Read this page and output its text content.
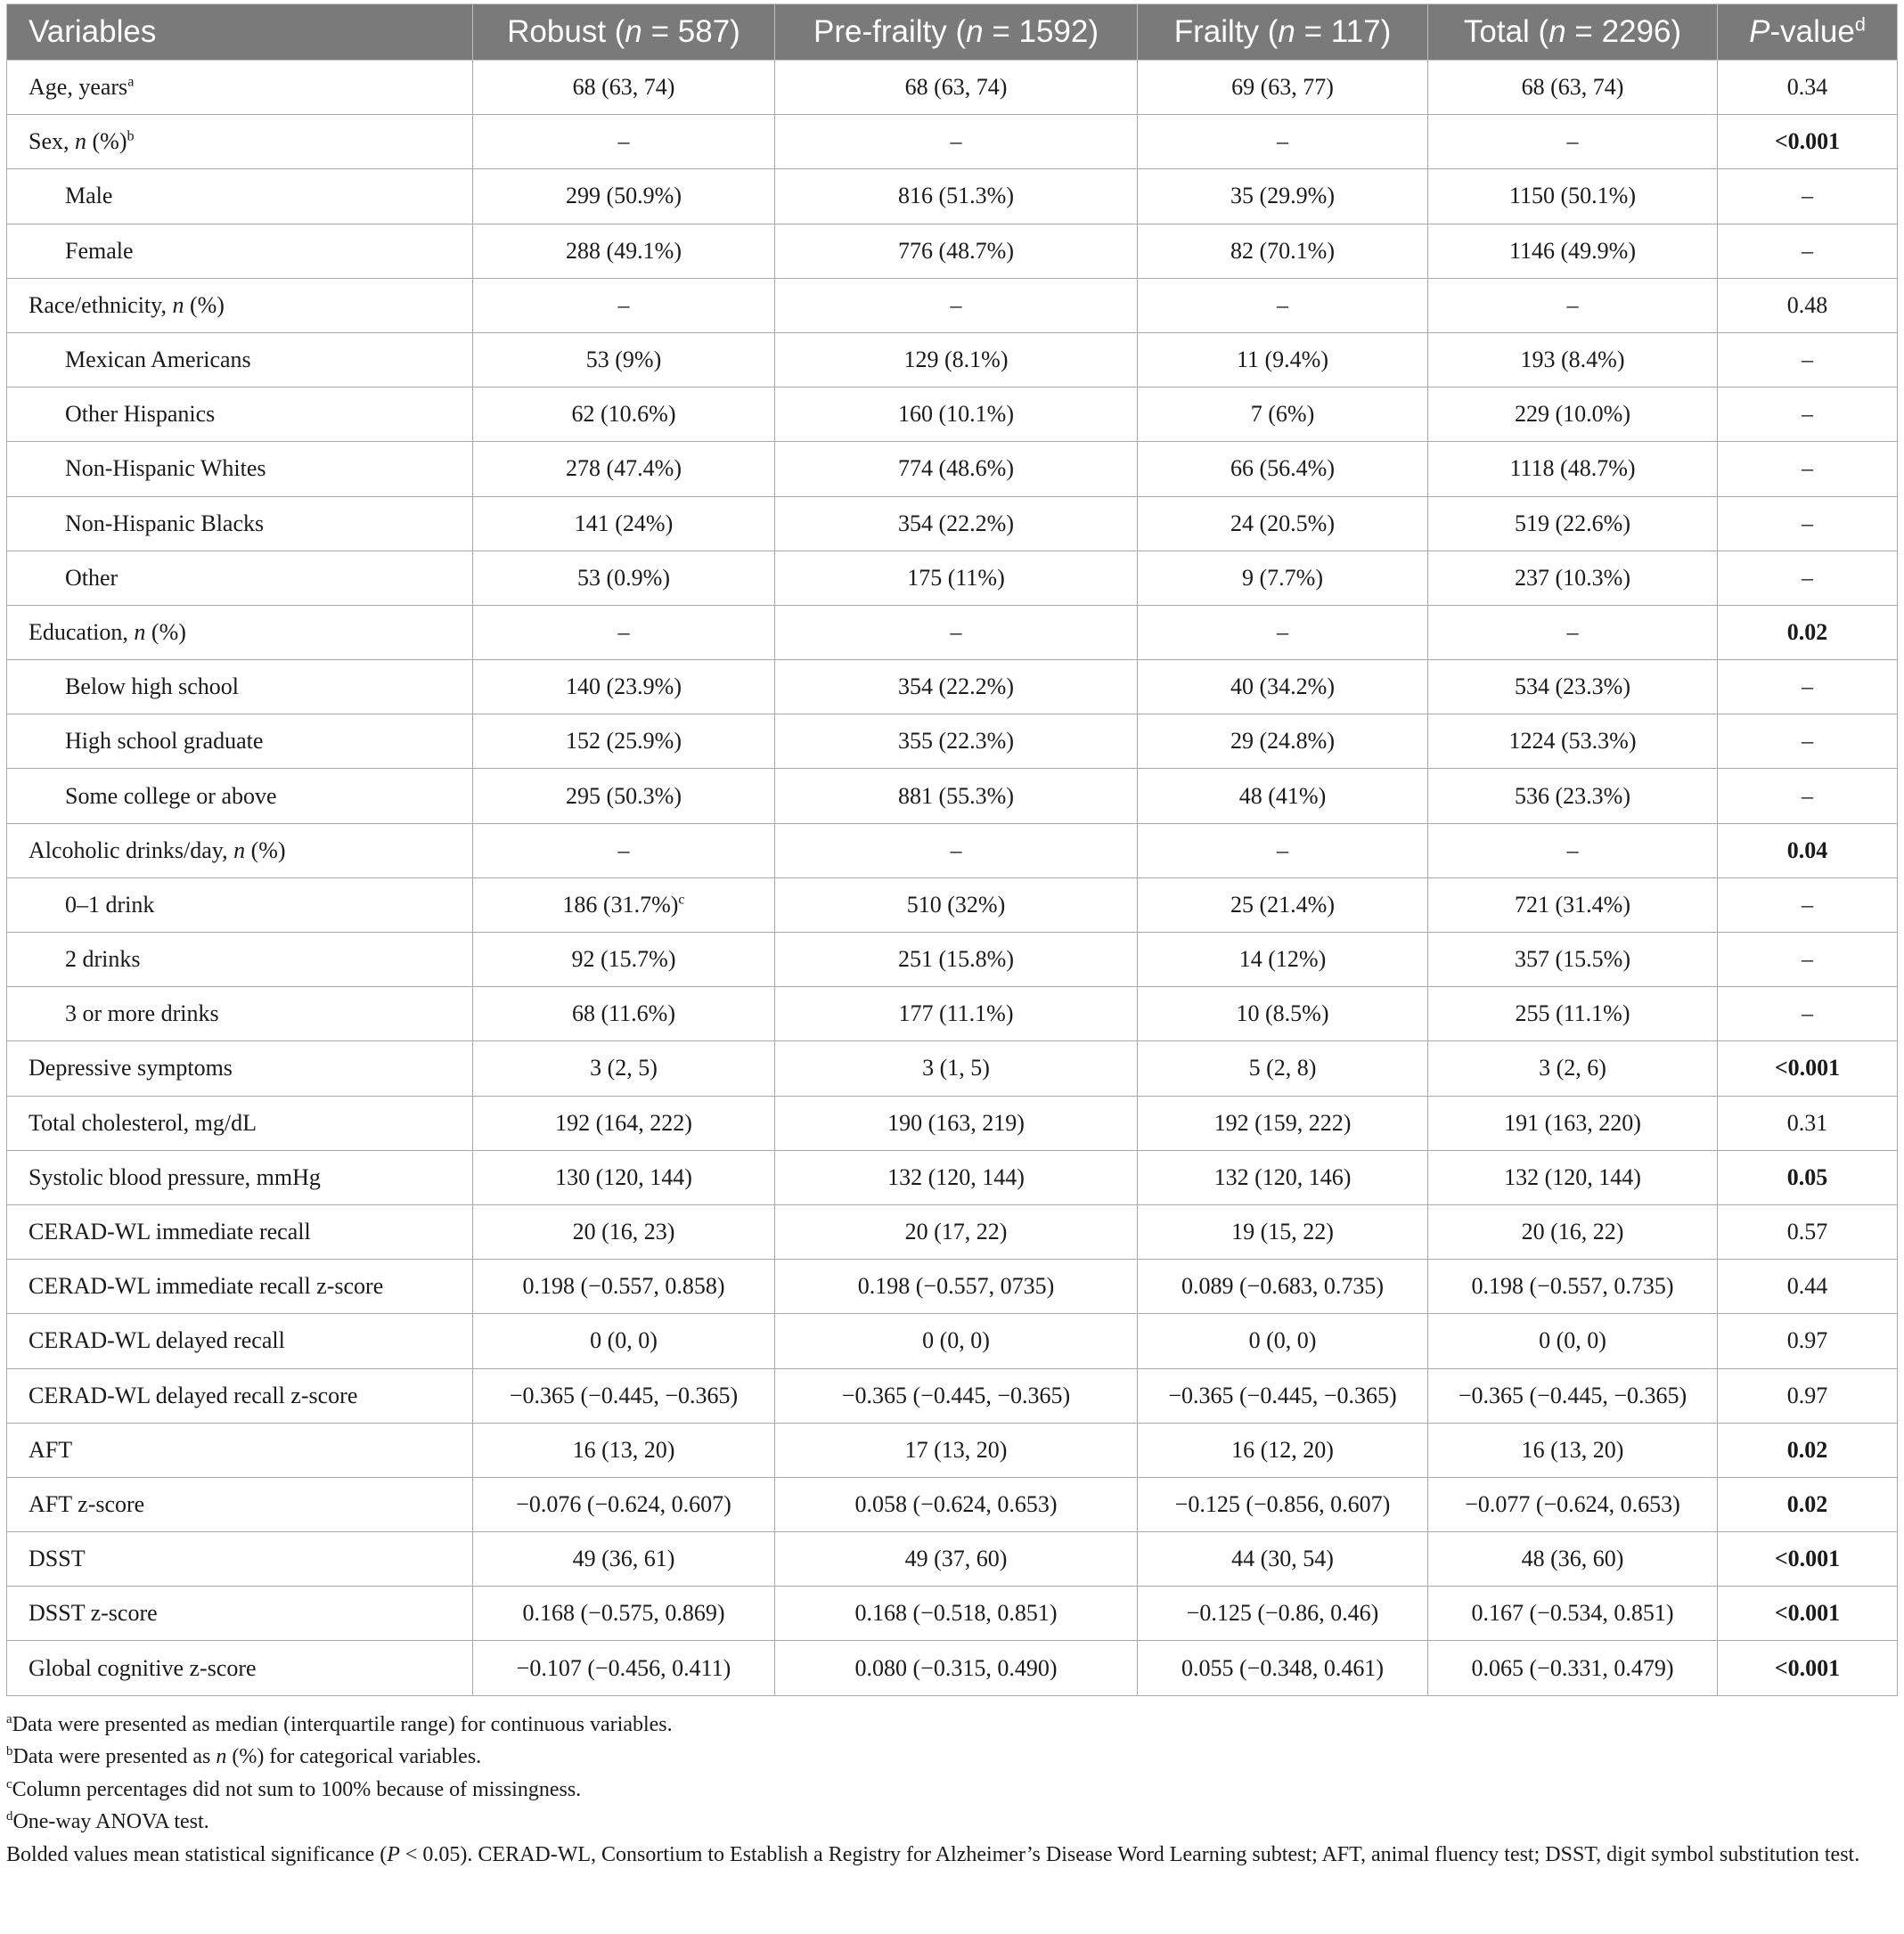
Variables	Robust (n = 587)	Pre-frailty (n = 1592)	Frailty (n = 117)	Total (n = 2296)	P-value$^d$
Age, years$^a$	68 (63, 74)	68 (63, 74)	69 (63, 77)	68 (63, 74)	0.34
Sex, n (%)$^b$	–	–	–	–	<0.001
Male	299 (50.9%)	816 (51.3%)	35 (29.9%)	1150 (50.1%)	–
Female	288 (49.1%)	776 (48.7%)	82 (70.1%)	1146 (49.9%)	–
Race/ethnicity, n (%)	–	–	–	–	0.48
Mexican Americans	53 (9%)	129 (8.1%)	11 (9.4%)	193 (8.4%)	–
Other Hispanics	62 (10.6%)	160 (10.1%)	7 (6%)	229 (10.0%)	–
Non-Hispanic Whites	278 (47.4%)	774 (48.6%)	66 (56.4%)	1118 (48.7%)	–
Non-Hispanic Blacks	141 (24%)	354 (22.2%)	24 (20.5%)	519 (22.6%)	–
Other	53 (0.9%)	175 (11%)	9 (7.7%)	237 (10.3%)	–
Education, n (%)	–	–	–	–	0.02
Below high school	140 (23.9%)	354 (22.2%)	40 (34.2%)	534 (23.3%)	–
High school graduate	152 (25.9%)	355 (22.3%)	29 (24.8%)	1224 (53.3%)	–
Some college or above	295 (50.3%)	881 (55.3%)	48 (41%)	536 (23.3%)	–
Alcoholic drinks/day, n (%)	–	–	–	–	0.04
0–1 drink	186 $(31.7\%)^c$	510 (32%)	25 (21.4%)	721 (31.4%)	–
2 drinks	92 (15.7%)	251 (15.8%)	14 (12%)	357 (15.5%)	–
3 or more drinks	68 (11.6%)	177 (11.1%)	10 (8.5%)	255 (11.1%)	–
Depressive symptoms	3 (2, 5)	3 (1, 5)	5 (2, 8)	3 (2, 6)	<0.001
Total cholesterol, mg/dL	192 (164, 222)	190 (163, 219)	192 (159, 222)	191 (163, 220)	0.31
Systolic blood pressure, mmHg	130 (120, 144)	132 (120, 144)	132 (120, 146)	132 (120, 144)	0.05
CERAD-WL immediate recall	20 (16, 23)	20 (17, 22)	19 (15, 22)	20 (16, 22)	0.57
CERAD-WL immediate recall z-score	0.198 (−0.557, 0.858)	0.198 (−0.557, 0735)	0.089 (−0.683, 0.735)	0.198 (−0.557, 0.735)	0.44
CERAD-WL delayed recall	0 (0, 0)	0 (0, 0)	0 (0, 0)	0 (0, 0)	0.97
CERAD-WL delayed recall z-score	−0.365 (−0.445, −0.365)	−0.365 (−0.445, −0.365)	−0.365 (−0.445, −0.365)	−0.365 (−0.445, −0.365)	0.97
AFT	16 (13, 20)	17 (13, 20)	16 (12, 20)	16 (13, 20)	0.02
AFT z-score	−0.076 (−0.624, 0.607)	0.058 (−0.624, 0.653)	−0.125 (−0.856, 0.607)	−0.077 (−0.624, 0.653)	0.02
DSST	49 (36, 61)	49 (37, 60)	44 (30, 54)	48 (36, 60)	<0.001
DSST z-score	0.168 (−0.575, 0.869)	0.168 (−0.518, 0.851)	−0.125 (−0.86, 0.46)	0.167 (−0.534, 0.851)	<0.001
Global cognitive z-score	−0.107 (−0.456, 0.411)	0.080 (−0.315, 0.490)	0.055 (−0.348, 0.461)	0.065 (−0.331, 0.479)	<0.001
$^a$Data were presented as median (interquartile range) for continuous variables.
$^b$Data were presented as n (%) for categorical variables.
$^c$Column percentages did not sum to 100% because of missingness.
$^d$One-way ANOVA test.
Bolded values mean statistical significance (P < 0.05). CERAD-WL, Consortium to Establish a Registry for Alzheimer’s Disease Word Learning subtest; AFT, animal fluency test; DSST, digit symbol substitution test.
